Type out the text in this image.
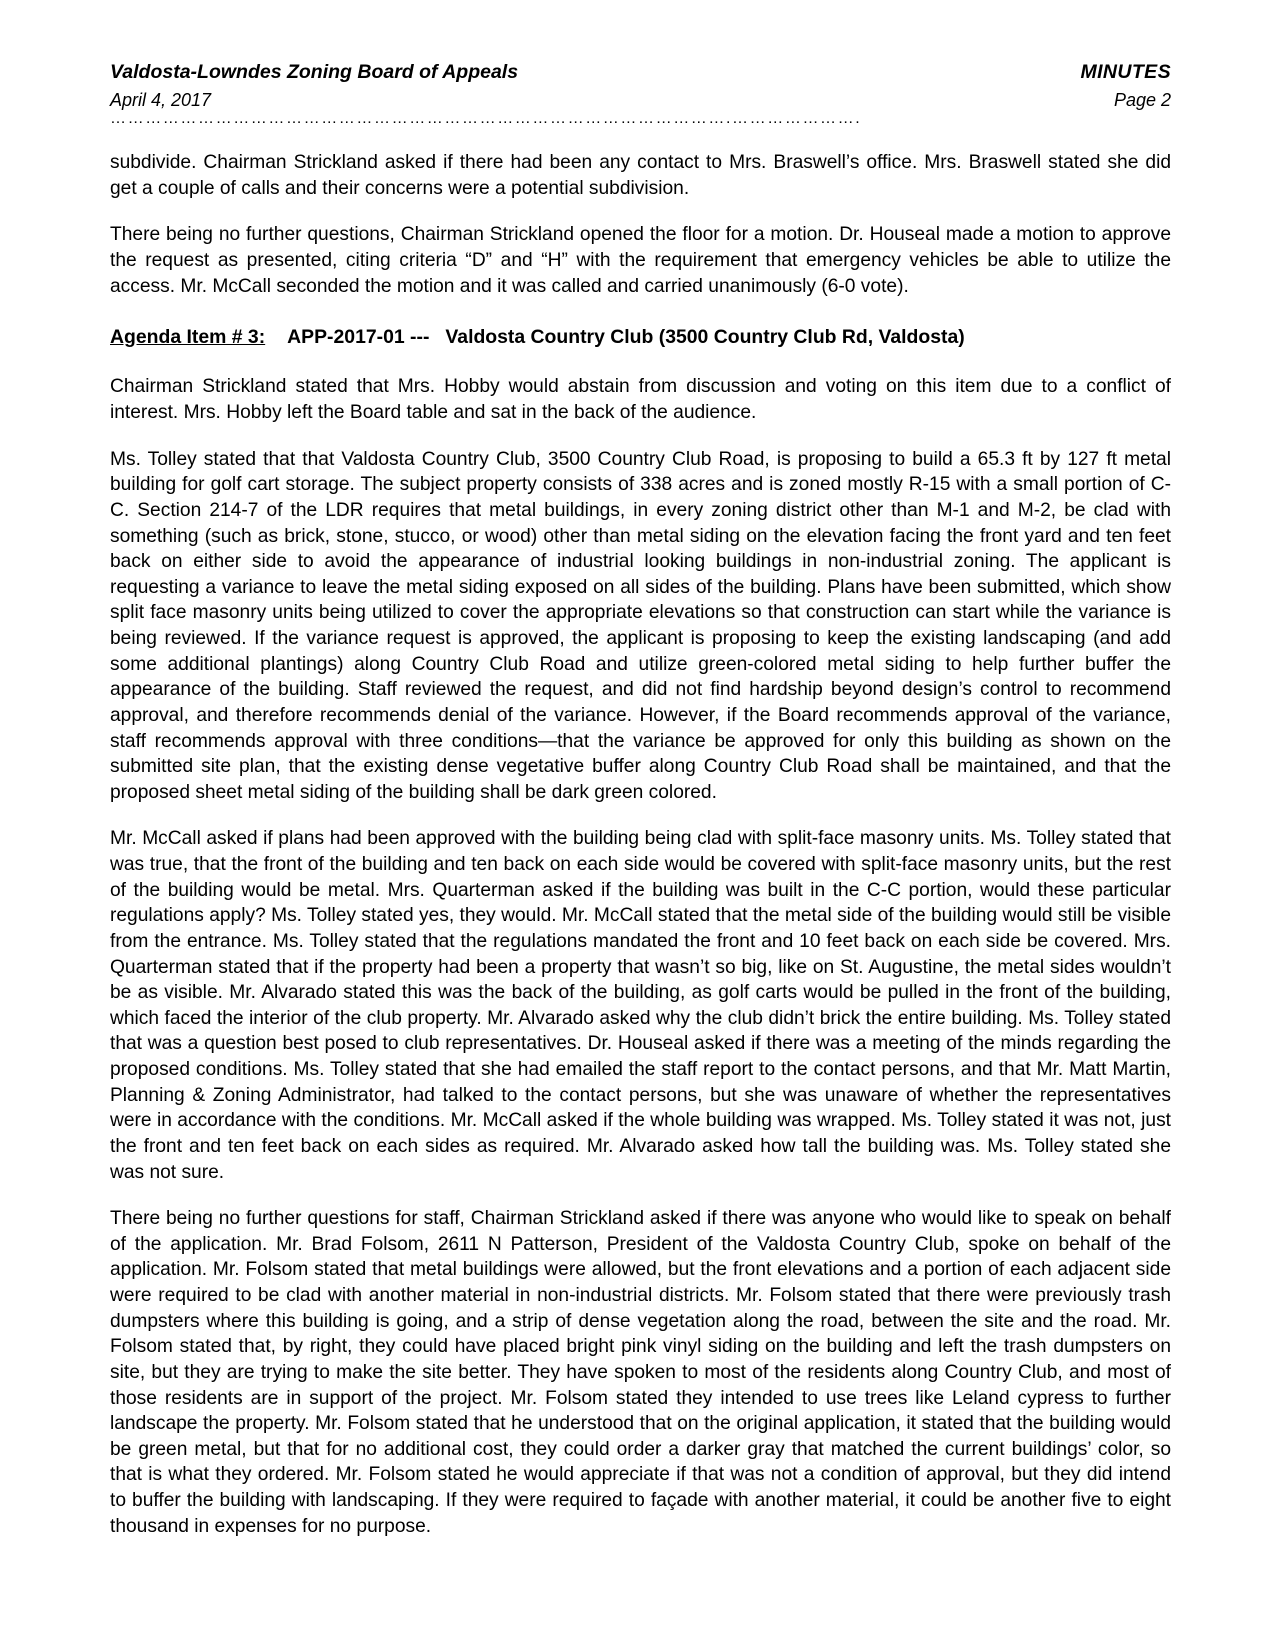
Valdosta-Lowndes Zoning Board of Appeals	MINUTES
April 4, 2017	Page 2
…………………………………………………………………………………………….………………….

subdivide. Chairman Strickland asked if there had been any contact to Mrs. Braswell’s office. Mrs. Braswell stated she did get a couple of calls and their concerns were a potential subdivision.

There being no further questions, Chairman Strickland opened the floor for a motion. Dr. Houseal made a motion to approve the request as presented, citing criteria “D” and “H” with the requirement that emergency vehicles be able to utilize the access. Mr. McCall seconded the motion and it was called and carried unanimously (6-0 vote).

Agenda Item # 3: APP-2017-01 --- Valdosta Country Club (3500 Country Club Rd, Valdosta)

Chairman Strickland stated that Mrs. Hobby would abstain from discussion and voting on this item due to a conflict of interest. Mrs. Hobby left the Board table and sat in the back of the audience.

Ms. Tolley stated that that Valdosta Country Club, 3500 Country Club Road, is proposing to build a 65.3 ft by 127 ft metal building for golf cart storage. The subject property consists of 338 acres and is zoned mostly R-15 with a small portion of C-C. Section 214-7 of the LDR requires that metal buildings, in every zoning district other than M-1 and M-2, be clad with something (such as brick, stone, stucco, or wood) other than metal siding on the elevation facing the front yard and ten feet back on either side to avoid the appearance of industrial looking buildings in non-industrial zoning. The applicant is requesting a variance to leave the metal siding exposed on all sides of the building. Plans have been submitted, which show split face masonry units being utilized to cover the appropriate elevations so that construction can start while the variance is being reviewed. If the variance request is approved, the applicant is proposing to keep the existing landscaping (and add some additional plantings) along Country Club Road and utilize green-colored metal siding to help further buffer the appearance of the building. Staff reviewed the request, and did not find hardship beyond design’s control to recommend approval, and therefore recommends denial of the variance. However, if the Board recommends approval of the variance, staff recommends approval with three conditions—that the variance be approved for only this building as shown on the submitted site plan, that the existing dense vegetative buffer along Country Club Road shall be maintained, and that the proposed sheet metal siding of the building shall be dark green colored.

Mr. McCall asked if plans had been approved with the building being clad with split-face masonry units. Ms. Tolley stated that was true, that the front of the building and ten back on each side would be covered with split-face masonry units, but the rest of the building would be metal. Mrs. Quarterman asked if the building was built in the C-C portion, would these particular regulations apply? Ms. Tolley stated yes, they would. Mr. McCall stated that the metal side of the building would still be visible from the entrance. Ms. Tolley stated that the regulations mandated the front and 10 feet back on each side be covered. Mrs. Quarterman stated that if the property had been a property that wasn’t so big, like on St. Augustine, the metal sides wouldn’t be as visible. Mr. Alvarado stated this was the back of the building, as golf carts would be pulled in the front of the building, which faced the interior of the club property. Mr. Alvarado asked why the club didn’t brick the entire building. Ms. Tolley stated that was a question best posed to club representatives. Dr. Houseal asked if there was a meeting of the minds regarding the proposed conditions. Ms. Tolley stated that she had emailed the staff report to the contact persons, and that Mr. Matt Martin, Planning & Zoning Administrator, had talked to the contact persons, but she was unaware of whether the representatives were in accordance with the conditions. Mr. McCall asked if the whole building was wrapped. Ms. Tolley stated it was not, just the front and ten feet back on each sides as required. Mr. Alvarado asked how tall the building was. Ms. Tolley stated she was not sure.

There being no further questions for staff, Chairman Strickland asked if there was anyone who would like to speak on behalf of the application. Mr. Brad Folsom, 2611 N Patterson, President of the Valdosta Country Club, spoke on behalf of the application. Mr. Folsom stated that metal buildings were allowed, but the front elevations and a portion of each adjacent side were required to be clad with another material in non-industrial districts. Mr. Folsom stated that there were previously trash dumpsters where this building is going, and a strip of dense vegetation along the road, between the site and the road. Mr. Folsom stated that, by right, they could have placed bright pink vinyl siding on the building and left the trash dumpsters on site, but they are trying to make the site better. They have spoken to most of the residents along Country Club, and most of those residents are in support of the project. Mr. Folsom stated they intended to use trees like Leland cypress to further landscape the property. Mr. Folsom stated that he understood that on the original application, it stated that the building would be green metal, but that for no additional cost, they could order a darker gray that matched the current buildings’ color, so that is what they ordered. Mr. Folsom stated he would appreciate if that was not a condition of approval, but they did intend to buffer the building with landscaping. If they were required to façade with another material, it could be another five to eight thousand in expenses for no purpose.
